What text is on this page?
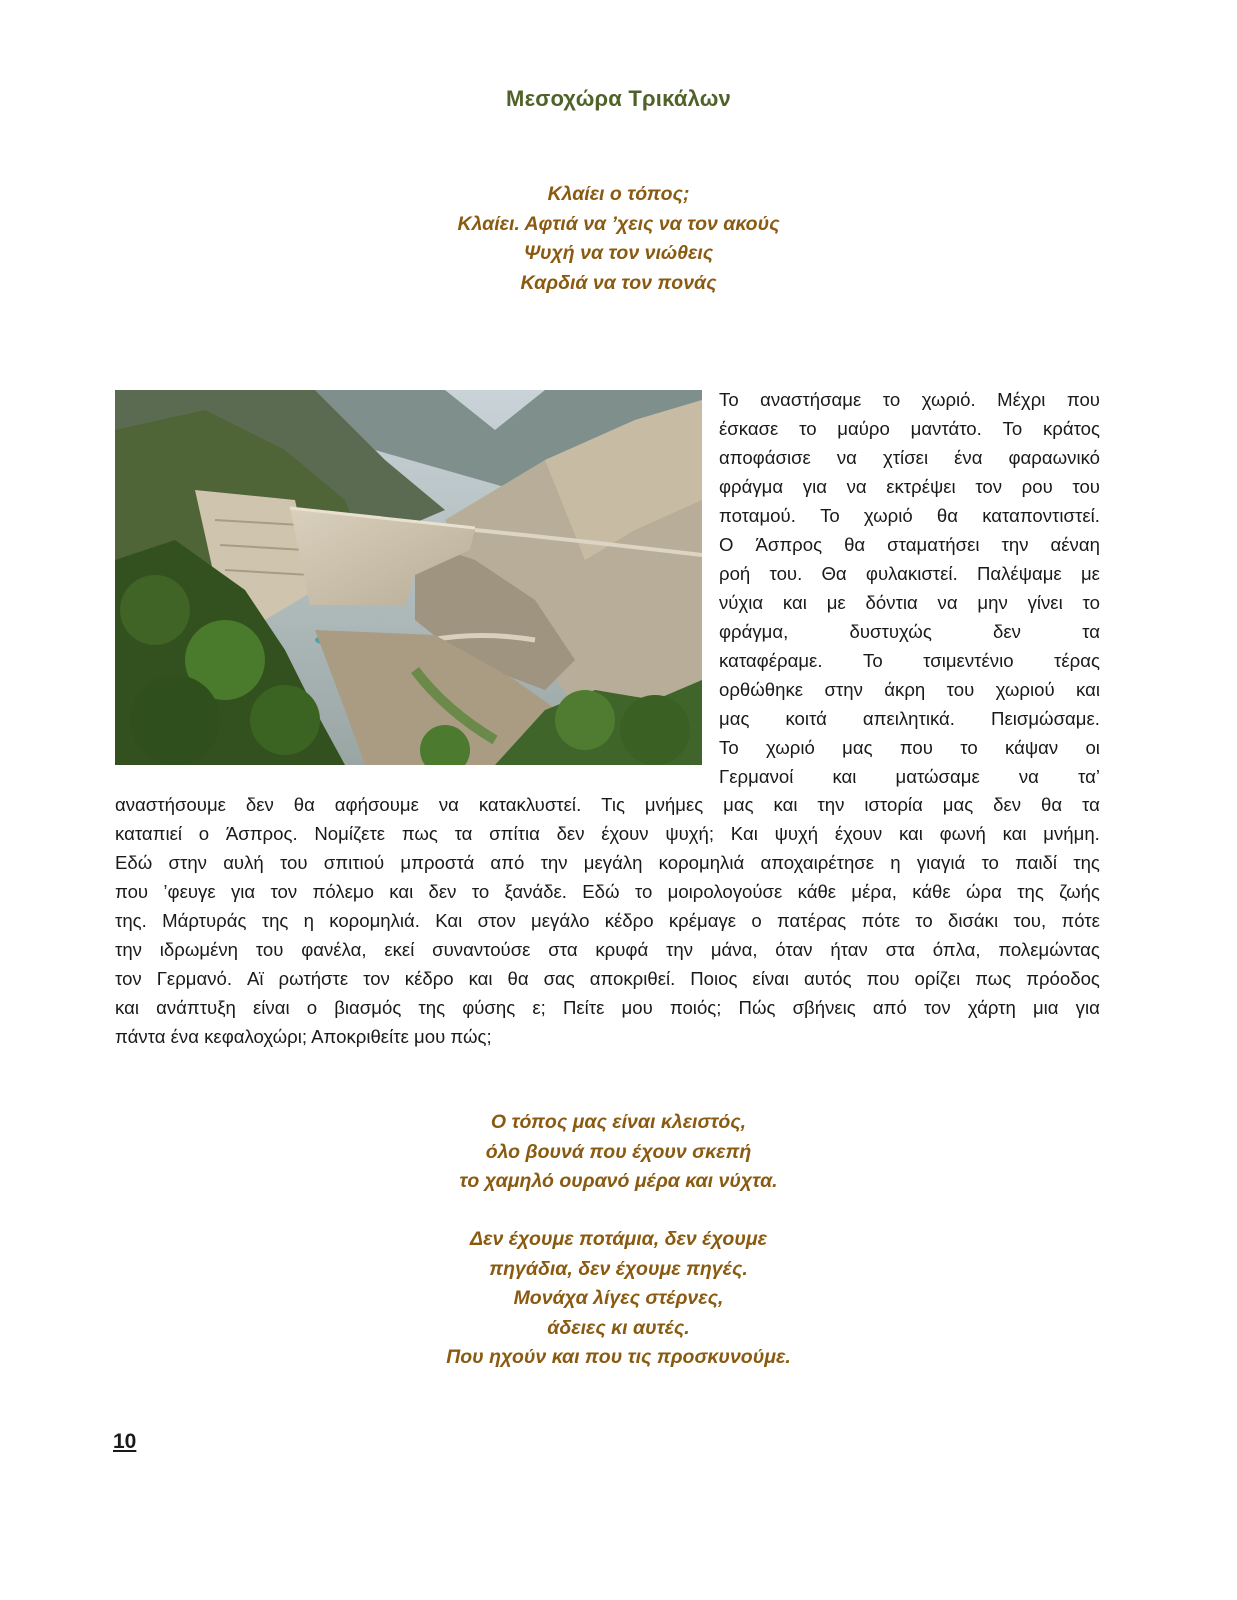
Μεσοχώρα Τρικάλων
Κλαίει ο τόπος;
Κλαίει. Αφτιά να ’χεις να τον ακούς
Ψυχή να τον νιώθεις
Καρδιά να τον πονάς
Το αναστήσαμε το χωριό. Μέχρι που
έσκασε το μαύρο μαντάτο. Το κράτος
αποφάσισε να χτίσει ένα φαραωνικό
φράγμα για να εκτρέψει τον ρου του
ποταμού. Το χωριό θα καταποντιστεί.
Ο Άσπρος θα σταματήσει την αέναη
ροή του. Θα φυλακιστεί. Παλέψαμε με
νύχια και με δόντια να μην γίνει το
φράγμα,	δυστυχώς	δεν	τα
καταφέραμε. Το τσιμεντένιο τέρας
ορθώθηκε στην άκρη του χωριού και
μας κοιτά απειλητικά. Πεισμώσαμε.
Το χωριό μας που το κάψαν οι
Γερμανοί και ματώσαμε να τα’
αναστήσουμε δεν θα αφήσουμε να κατακλυστεί. Τις μνήμες μας και την ιστορία μας δεν θα τα
καταπιεί ο Άσπρος. Νομίζετε πως τα σπίτια δεν έχουν ψυχή; Και ψυχή έχουν και φωνή και μνήμη.
Εδώ στην αυλή του σπιτιού μπροστά από την μεγάλη κορομηλιά αποχαιρέτησε η γιαγιά το παιδί της
που ’φευγε για τον πόλεμο και δεν το ξανάδε. Εδώ το μοιρολογούσε κάθε μέρα, κάθε ώρα της ζωής
της. Μάρτυράς της η κορομηλιά. Και στον μεγάλο κέδρο κρέμαγε ο πατέρας πότε το δισάκι του, πότε
την ιδρωμένη του φανέλα, εκεί συναντούσε στα κρυφά την μάνα, όταν ήταν στα όπλα, πολεμώντας
τον Γερμανό. Αϊ ρωτήστε τον κέδρο και θα σας αποκριθεί. Ποιος είναι αυτός που ορίζει πως πρόοδος
και ανάπτυξη είναι ο βιασμός της φύσης ε; Πείτε μου ποιός; Πώς σβήνεις από τον χάρτη μια για
πάντα ένα κεφαλοχώρι; Αποκριθείτε μου πώς;
Ο τόπος μας είναι κλειστός,
όλο βουνά που έχουν σκεπή
το χαμηλό ουρανό μέρα και νύχτα.
Δεν έχουμε ποτάμια, δεν έχουμε
πηγάδια, δεν έχουμε πηγές.
Μονάχα λίγες στέρνες,
άδειες κι αυτές.
Που ηχούν και που τις προσκυνούμε.
10
